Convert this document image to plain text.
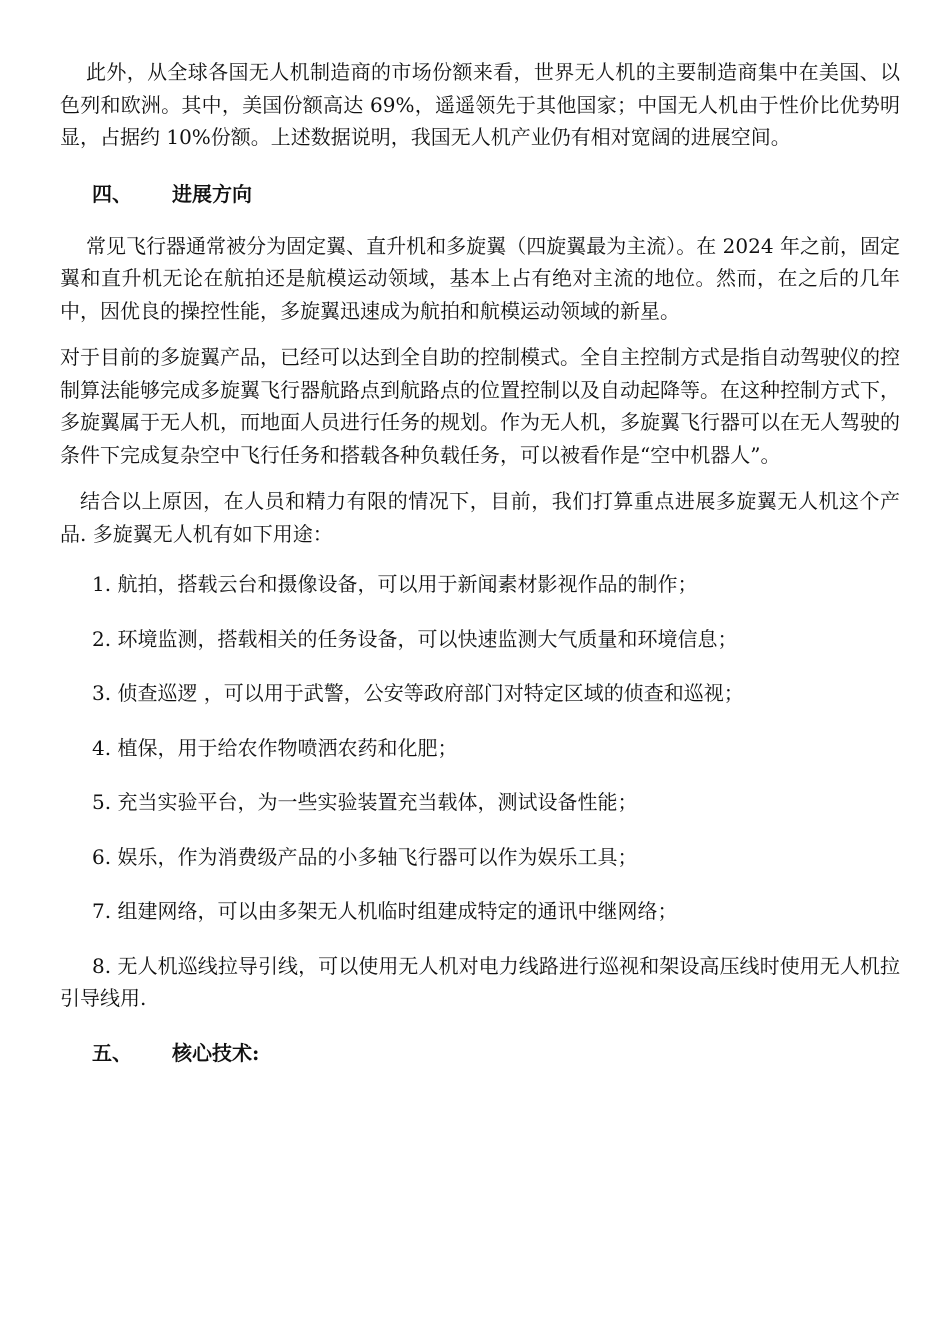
此外，从全球各国无人机制造商的市场份额来看，世界无人机的主要制造商集中在美国、以色列和欧洲。其中，美国份额高达 69%，遥遥领先于其他国家；中国无人机由于性价比优势明显，占据约 10%份额。上述数据说明，我国无人机产业仍有相对宽阔的进展空间。

四、	进展方向

常见飞行器通常被分为固定翼、直升机和多旋翼（四旋翼最为主流）。在 2024 年之前，固定翼和直升机无论在航拍还是航模运动领域，基本上占有绝对主流的地位。然而，在之后的几年中，因优良的操控性能，多旋翼迅速成为航拍和航模运动领域的新星。

对于目前的多旋翼产品，已经可以达到全自助的控制模式。全自主控制方式是指自动驾驶仪的控制算法能够完成多旋翼飞行器航路点到航路点的位置控制以及自动起降等。在这种控制方式下，多旋翼属于无人机，而地面人员进行任务的规划。作为无人机，多旋翼飞行器可以在无人驾驶的条件下完成复杂空中飞行任务和搭载各种负载任务，可以被看作是“空中机器人”。

结合以上原因，在人员和精力有限的情况下，目前，我们打算重点进展多旋翼无人机这个产品. 多旋翼无人机有如下用途：

1. 航拍，搭载云台和摄像设备，可以用于新闻素材影视作品的制作；

2. 环境监测，搭载相关的任务设备，可以快速监测大气质量和环境信息；

3. 侦查巡逻 ，可以用于武警，公安等政府部门对特定区域的侦查和巡视；

4. 植保，用于给农作物喷洒农药和化肥；

5. 充当实验平台，为一些实验装置充当载体，测试设备性能；

6. 娱乐，作为消费级产品的小多轴飞行器可以作为娱乐工具；

7. 组建网络，可以由多架无人机临时组建成特定的通讯中继网络；

8. 无人机巡线拉导引线，可以使用无人机对电力线路进行巡视和架设高压线时使用无人机拉引导线用.

五、	核心技术:
